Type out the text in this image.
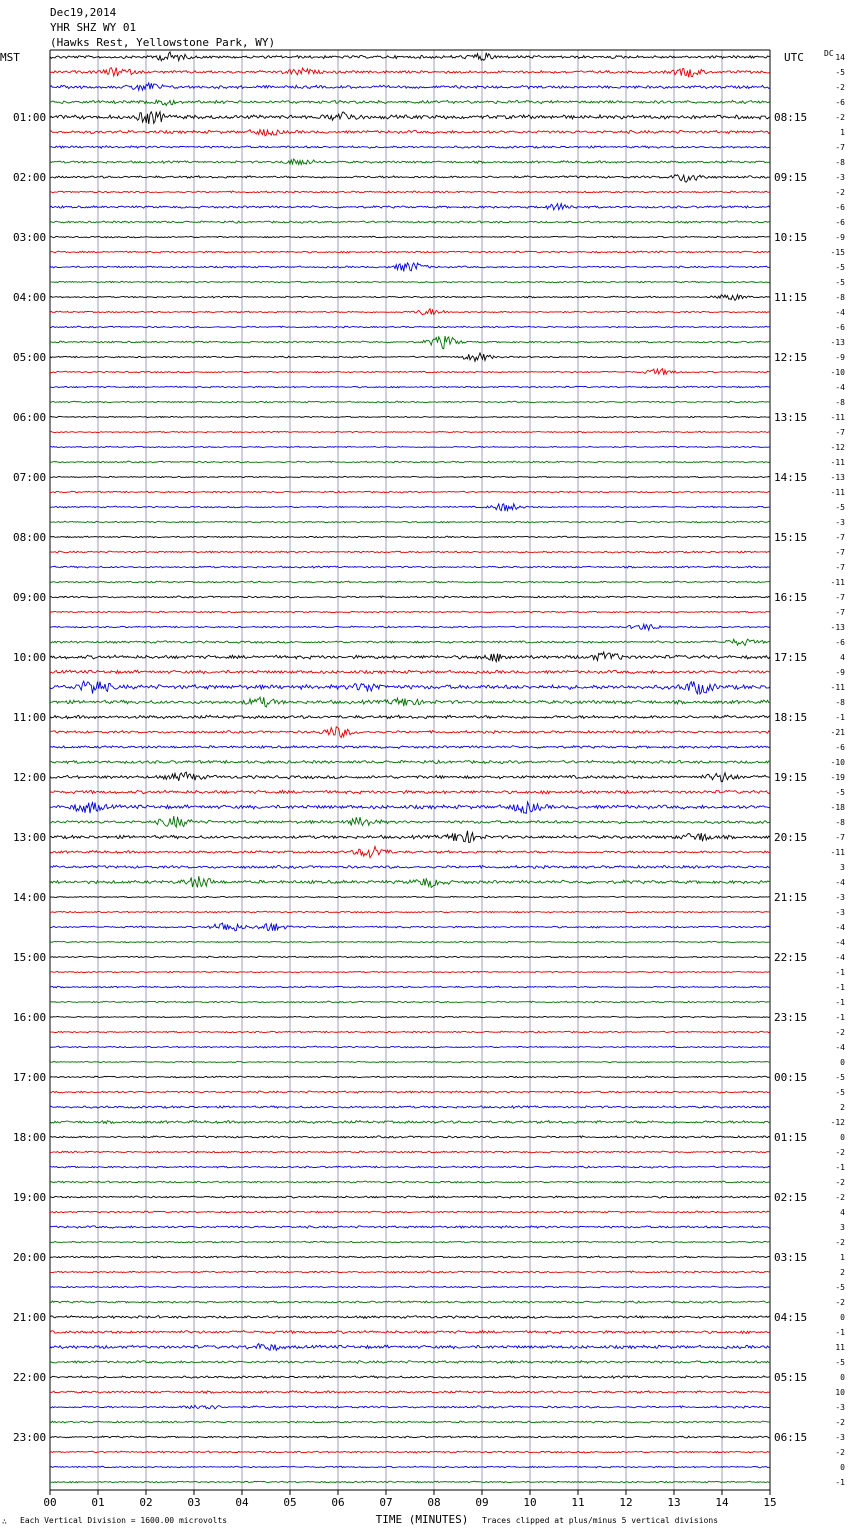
Dec19,2014
YHR SHZ WY 01
(Hawks Rest, Yellowstone Park, WY)
MST	UTC	DC
01:00
02:00
03:00
04:00
05:00
06:00
07:00
08:00
09:00
10:00
11:00
12:00
13:00
14:00
15:00
16:00
17:00
18:00
19:00
20:00
21:00
22:00
23:00
08:15
09:15
10:15
11:15
12:15
13:15
14:15
15:15
16:15
17:15
18:15
19:15
20:15
21:15
22:15
23:15
00:15
01:15
02:15
03:15
04:15
05:15
06:15
14
-5
-2
-6
-2
1
-7
-8
-3
-2
-6
-6
-9
-15
-5
-5
-8
-4
-6
-13
-9
-10
-4
-8
-11
-7
-12
-11
-13
-11
-5
-3
-7
-7
-7
-11
-7
-7
-13
-6
4
-9
-11
-8
-1
-21
-6
-10
-19
-5
-18
-8
-7
-11
3
-4
-3
-3
-4
-4
-4
-1
-1
-1
-1
-2
-4
0
-5
-5
2
-12
0
-2
-1
-2
-2
4
3
-2
1
2
-5
-2
0
-1
11
-5
0
10
-3
-2
-3
-2
0
-1
00	01	02	03	04	05	06	07	08	09	10	11	12	13	14	15
TIME (MINUTES)
∴ Each Vertical Division = 1600.00 microvolts	Traces clipped at plus/minus 5 vertical divisions
